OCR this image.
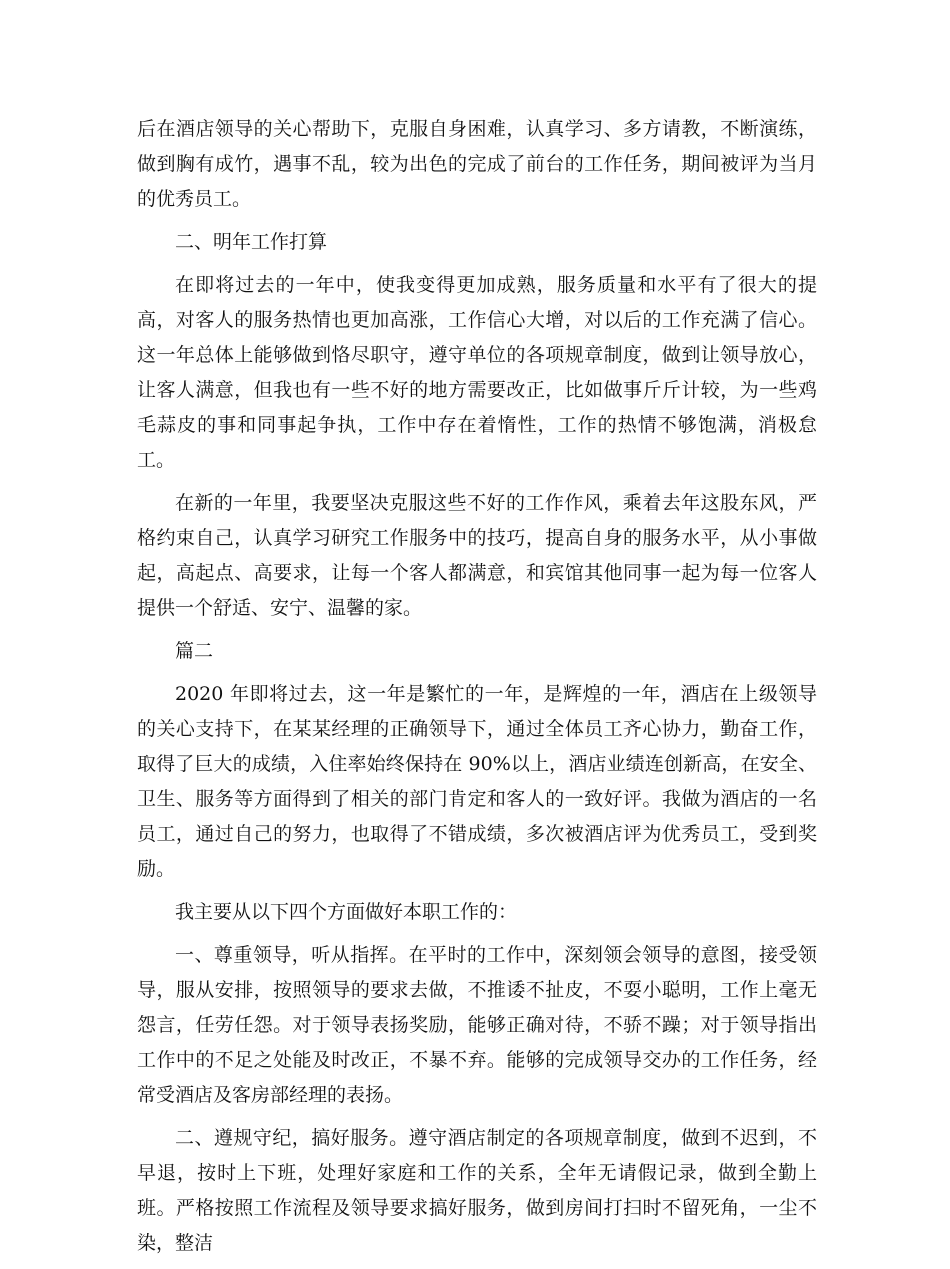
后在酒店领导的关心帮助下，克服自身困难，认真学习、多方请教，不断演练，做到胸有成竹，遇事不乱，较为出色的完成了前台的工作任务，期间被评为当月的优秀员工。

二、明年工作打算

在即将过去的一年中，使我变得更加成熟，服务质量和水平有了很大的提高，对客人的服务热情也更加高涨，工作信心大增，对以后的工作充满了信心。这一年总体上能够做到恪尽职守，遵守单位的各项规章制度，做到让领导放心，让客人满意，但我也有一些不好的地方需要改正，比如做事斤斤计较，为一些鸡毛蒜皮的事和同事起争执，工作中存在着惰性，工作的热情不够饱满，消极怠工。

在新的一年里，我要坚决克服这些不好的工作作风，乘着去年这股东风，严格约束自己，认真学习研究工作服务中的技巧，提高自身的服务水平，从小事做起，高起点、高要求，让每一个客人都满意，和宾馆其他同事一起为每一位客人提供一个舒适、安宁、温馨的家。

篇二

2020 年即将过去，这一年是繁忙的一年，是辉煌的一年，酒店在上级领导的关心支持下，在某某经理的正确领导下，通过全体员工齐心协力，勤奋工作，取得了巨大的成绩，入住率始终保持在 90%以上，酒店业绩连创新高，在安全、卫生、服务等方面得到了相关的部门肯定和客人的一致好评。我做为酒店的一名员工，通过自己的努力，也取得了不错成绩，多次被酒店评为优秀员工，受到奖励。

我主要从以下四个方面做好本职工作的：

一、尊重领导，听从指挥。在平时的工作中，深刻领会领导的意图，接受领导，服从安排，按照领导的要求去做，不推诿不扯皮，不耍小聪明，工作上毫无怨言，任劳任怨。对于领导表扬奖励，能够正确对待，不骄不躁；对于领导指出工作中的不足之处能及时改正，不暴不弃。能够的完成领导交办的工作任务，经常受酒店及客房部经理的表扬。

二、遵规守纪，搞好服务。遵守酒店制定的各项规章制度，做到不迟到，不早退，按时上下班，处理好家庭和工作的关系，全年无请假记录，做到全勤上班。严格按照工作流程及领导要求搞好服务，做到房间打扫时不留死角，一尘不染，整洁
